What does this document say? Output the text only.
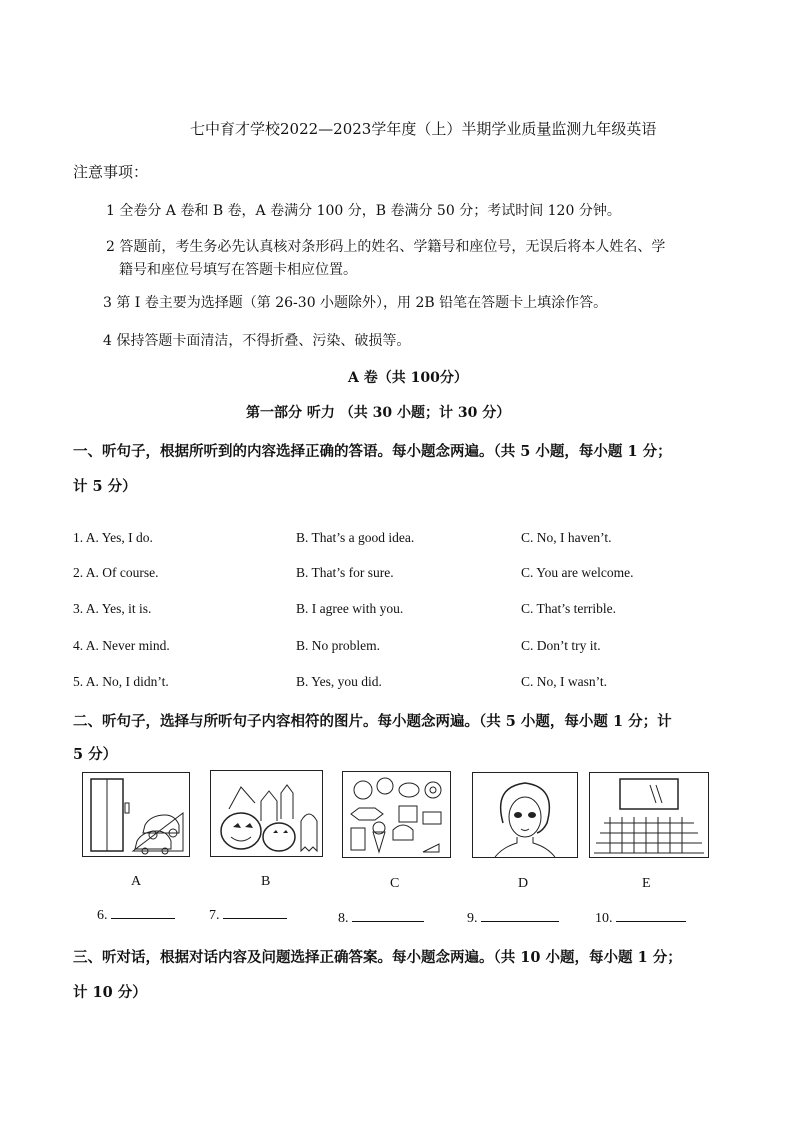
七中育才学校2022—2023学年度（上）半期学业质量监测九年级英语
注意事项：
1 全卷分 A 卷和 B 卷，A 卷满分 100 分，B 卷满分 50 分；考试时间 120 分钟。
2 答题前，考生务必先认真核对条形码上的姓名、学籍号和座位号，无误后将本人姓名、学
籍号和座位号填写在答题卡相应位置。
3 第 I 卷主要为选择题（第 26-30 小题除外），用 2B 铅笔在答题卡上填涂作答。
4 保持答题卡面清洁，不得折叠、污染、破损等。
A 卷（共 100分）
第一部分 听力 （共 30 小题；计 30 分）
一、听句子，根据所听到的内容选择正确的答语。每小题念两遍。（共 5 小题，每小题 1 分；
计 5 分）
1. A. Yes, I do.	B. That’s a good idea.	C. No, I haven’t.
2. A. Of course.	B. That’s for sure.	C. You are welcome.
3. A. Yes, it is.	B. I agree with you.	C. That’s terrible.
4. A. Never mind.	B. No problem.	C. Don’t try it.
5. A. No, I didn’t.	B. Yes, you did.	C. No, I wasn’t.
二、听句子，选择与所听句子内容相符的图片。每小题念两遍。（共 5 小题，每小题 1 分；计
5 分）
A	B	C	D	E
6.	7.	8.	9.	10.
三、听对话，根据对话内容及问题选择正确答案。每小题念两遍。（共 10 小题，每小题 1 分；
计 10 分）
